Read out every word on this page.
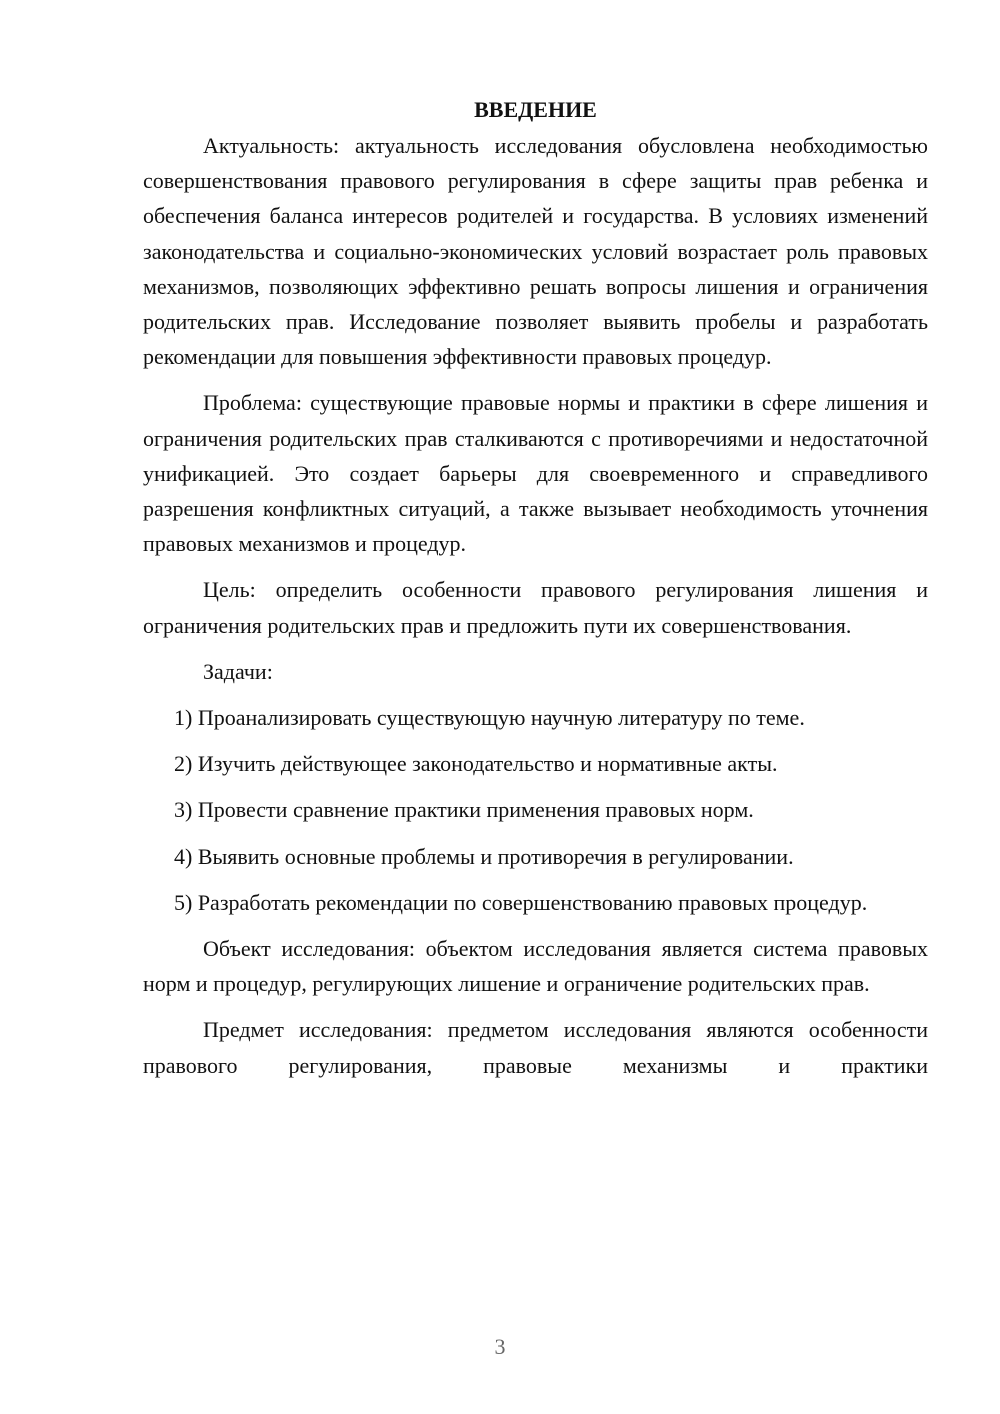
ВВЕДЕНИЕ

Актуальность: актуальность исследования обусловлена необходимостью совершенствования правового регулирования в сфере защиты прав ребенка и обеспечения баланса интересов родителей и государства. В условиях изменений законодательства и социально-экономических условий возрастает роль правовых механизмов, позволяющих эффективно решать вопросы лишения и ограничения родительских прав. Исследование позволяет выявить пробелы и разработать рекомендации для повышения эффективности правовых процедур.

Проблема: существующие правовые нормы и практики в сфере лишения и ограничения родительских прав сталкиваются с противоречиями и недостаточной унификацией. Это создает барьеры для своевременного и справедливого разрешения конфликтных ситуаций, а также вызывает необходимость уточнения правовых механизмов и процедур.

Цель: определить особенности правового регулирования лишения и ограничения родительских прав и предложить пути их совершенствования.

Задачи:

1) Проанализировать существующую научную литературу по теме.

2) Изучить действующее законодательство и нормативные акты.

3) Провести сравнение практики применения правовых норм.

4) Выявить основные проблемы и противоречия в регулировании.

5) Разработать рекомендации по совершенствованию правовых процедур.

Объект исследования: объектом исследования является система правовых норм и процедур, регулирующих лишение и ограничение родительских прав.

Предмет исследования: предметом исследования являются особенности правового регулирования, правовые механизмы и практики

3
